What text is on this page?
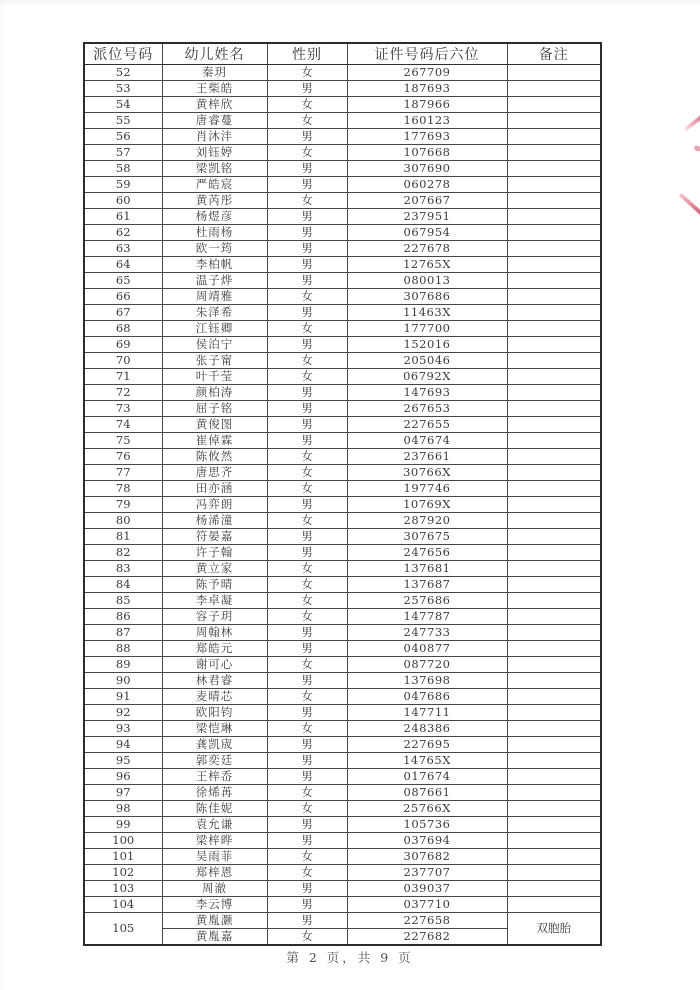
派位号码	幼儿姓名	性别	证件号码后六位	备注
52	秦玥	女	267709	
53	王柴皓	男	187693	
54	黄梓欣	女	187966	
55	唐睿蔓	女	160123	
56	肖沐沣	男	177693	
57	刘钰婷	女	107668	
58	梁凯铭	男	307690	
59	严皓宸	男	060278	
60	黄芮彤	女	207667	
61	杨煜彦	男	237951	
62	杜雨杨	男	067954	
63	欧一筠	男	227678	
64	李柏帆	男	12765X	
65	温子烨	男	080013	
66	周靖雅	女	307686	
67	朱泽希	男	11463X	
68	江钰卿	女	177700	
69	侯泊宁	男	152016	
70	张子甯	女	205046	
71	叶千莹	女	06792X	
72	颜柏涛	男	147693	
73	屈子铭	男	267653	
74	黄俊图	男	227655	
75	崔倬霖	男	047674	
76	陈攸然	女	237661	
77	唐思齐	女	30766X	
78	田亦涵	女	197746	
79	冯弈朗	男	10769X	
80	杨浠潼	女	287920	
81	符晏嘉	男	307675	
82	许子翰	男	247656	
83	黄立家	女	137681	
84	陈予晴	女	137687	
85	李卓凝	女	257686	
86	容子玥	女	147787	
87	周翰林	男	247733	
88	郑皓元	男	040877	
89	谢可心	女	087720	
90	林君睿	男	137698	
91	麦晴芯	女	047686	
92	欧阳钧	男	147711	
93	梁恺琳	女	248386	
94	龚凯宬	男	227695	
95	郭奕廷	男	14765X	
96	王梓岙	男	017674	
97	徐烯苒	女	087661	
98	陈佳妮	女	25766X	
99	袁允谦	男	105736	
100	梁梓晔	男	037694	
101	吴雨菲	女	307682	
102	郑梓恩	女	237707	
103	周澈	男	039037	
104	李云博	男	037710	
105	黄胤灏	男	227658	双胞胎
	黄胤嘉	女	227682	
第 2 页，共 9 页
